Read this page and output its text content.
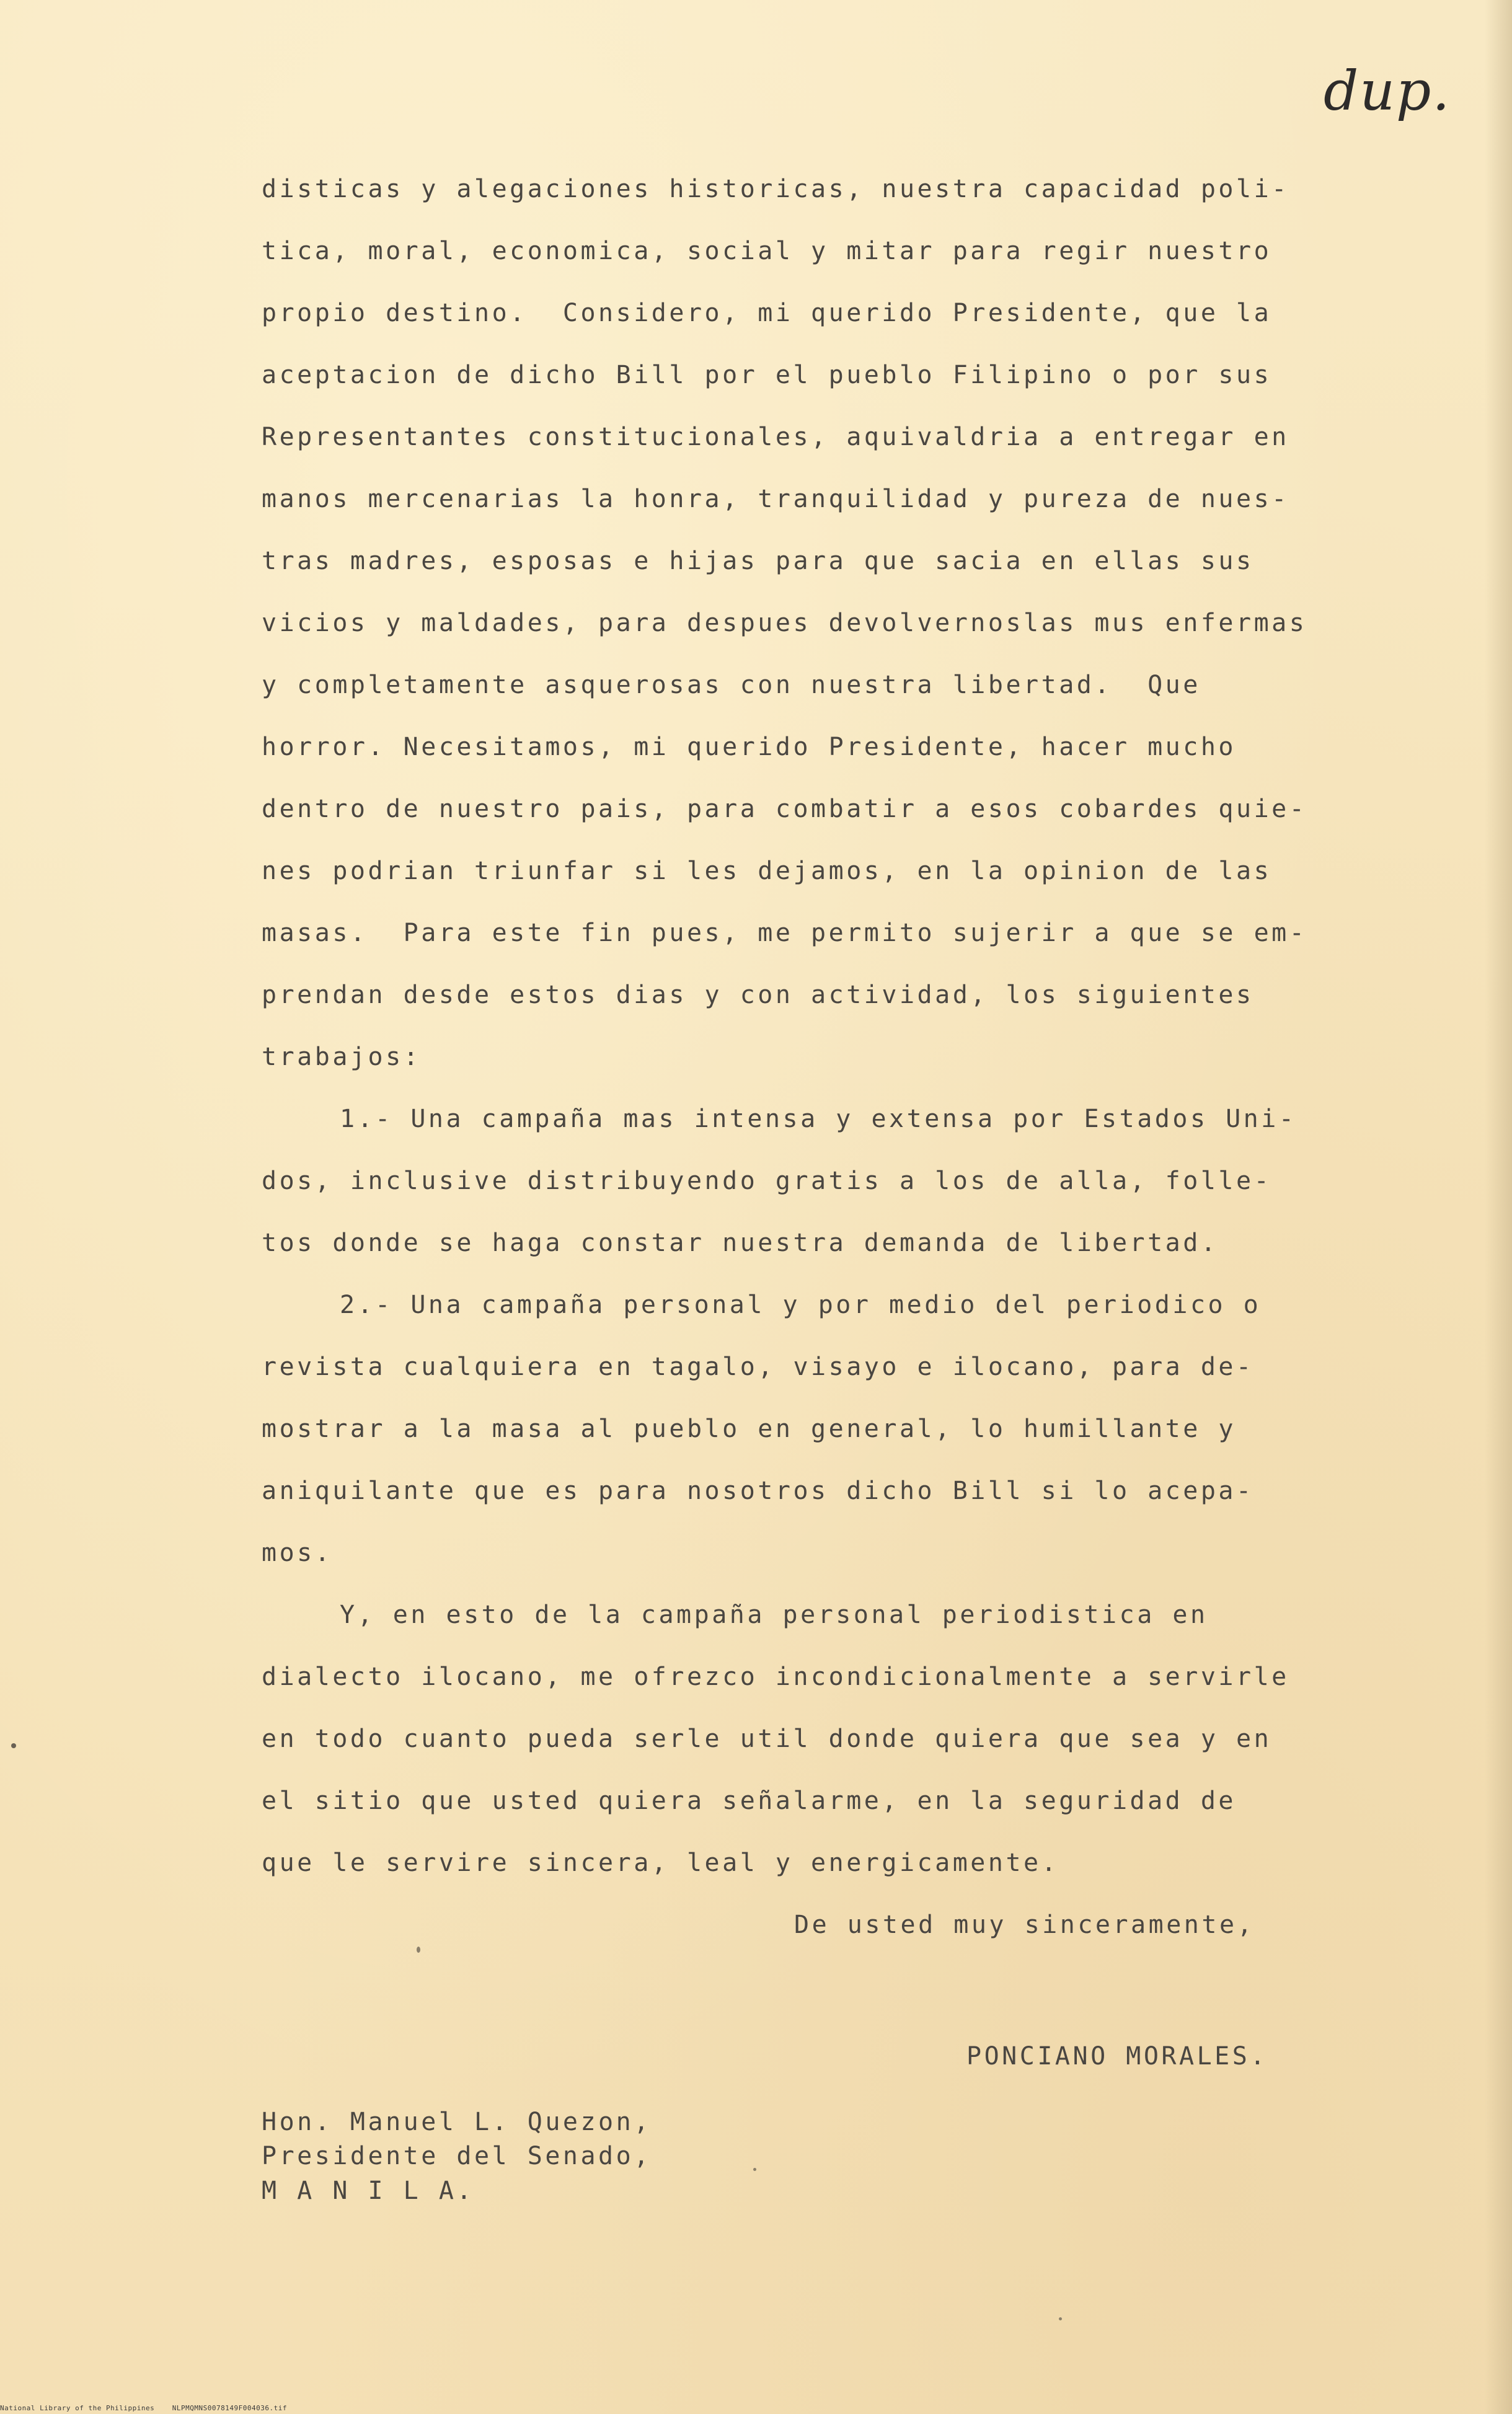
dup.
disticas y alegaciones historicas, nuestra capacidad poli-
tica, moral, economica, social y mitar para regir nuestro
propio destino.  Considero, mi querido Presidente, que la
aceptacion de dicho Bill por el pueblo Filipino o por sus
Representantes constitucionales, aquivaldria a entregar en
manos mercenarias la honra, tranquilidad y pureza de nues-
tras madres, esposas e hijas para que sacia en ellas sus
vicios y maldades, para despues devolvernoslas mus enfermas
y completamente asquerosas con nuestra libertad.  Que
horror. Necesitamos, mi querido Presidente, hacer mucho
dentro de nuestro pais, para combatir a esos cobardes quie-
nes podrian triunfar si les dejamos, en la opinion de las
masas.  Para este fin pues, me permito sujerir a que se em-
prendan desde estos dias y con actividad, los siguientes
trabajos:
1.- Una campaña mas intensa y extensa por Estados Uni-
dos, inclusive distribuyendo gratis a los de alla, folle-
tos donde se haga constar nuestra demanda de libertad.
2.- Una campaña personal y por medio del periodico o
revista cualquiera en tagalo, visayo e ilocano, para de-
mostrar a la masa al pueblo en general, lo humillante y
aniquilante que es para nosotros dicho Bill si lo acepa-
mos.
Y, en esto de la campaña personal periodistica en
dialecto ilocano, me ofrezco incondicionalmente a servirle
en todo cuanto pueda serle util donde quiera que sea y en
el sitio que usted quiera señalarme, en la seguridad de
que le servire sincera, leal y energicamente.
De usted muy sinceramente,
PONCIANO MORALES.
Hon. Manuel L. Quezon,
Presidente del Senado,
M A N I L A.
National Library of the Philippines    NLPMQMNS0078149F004036.tif
